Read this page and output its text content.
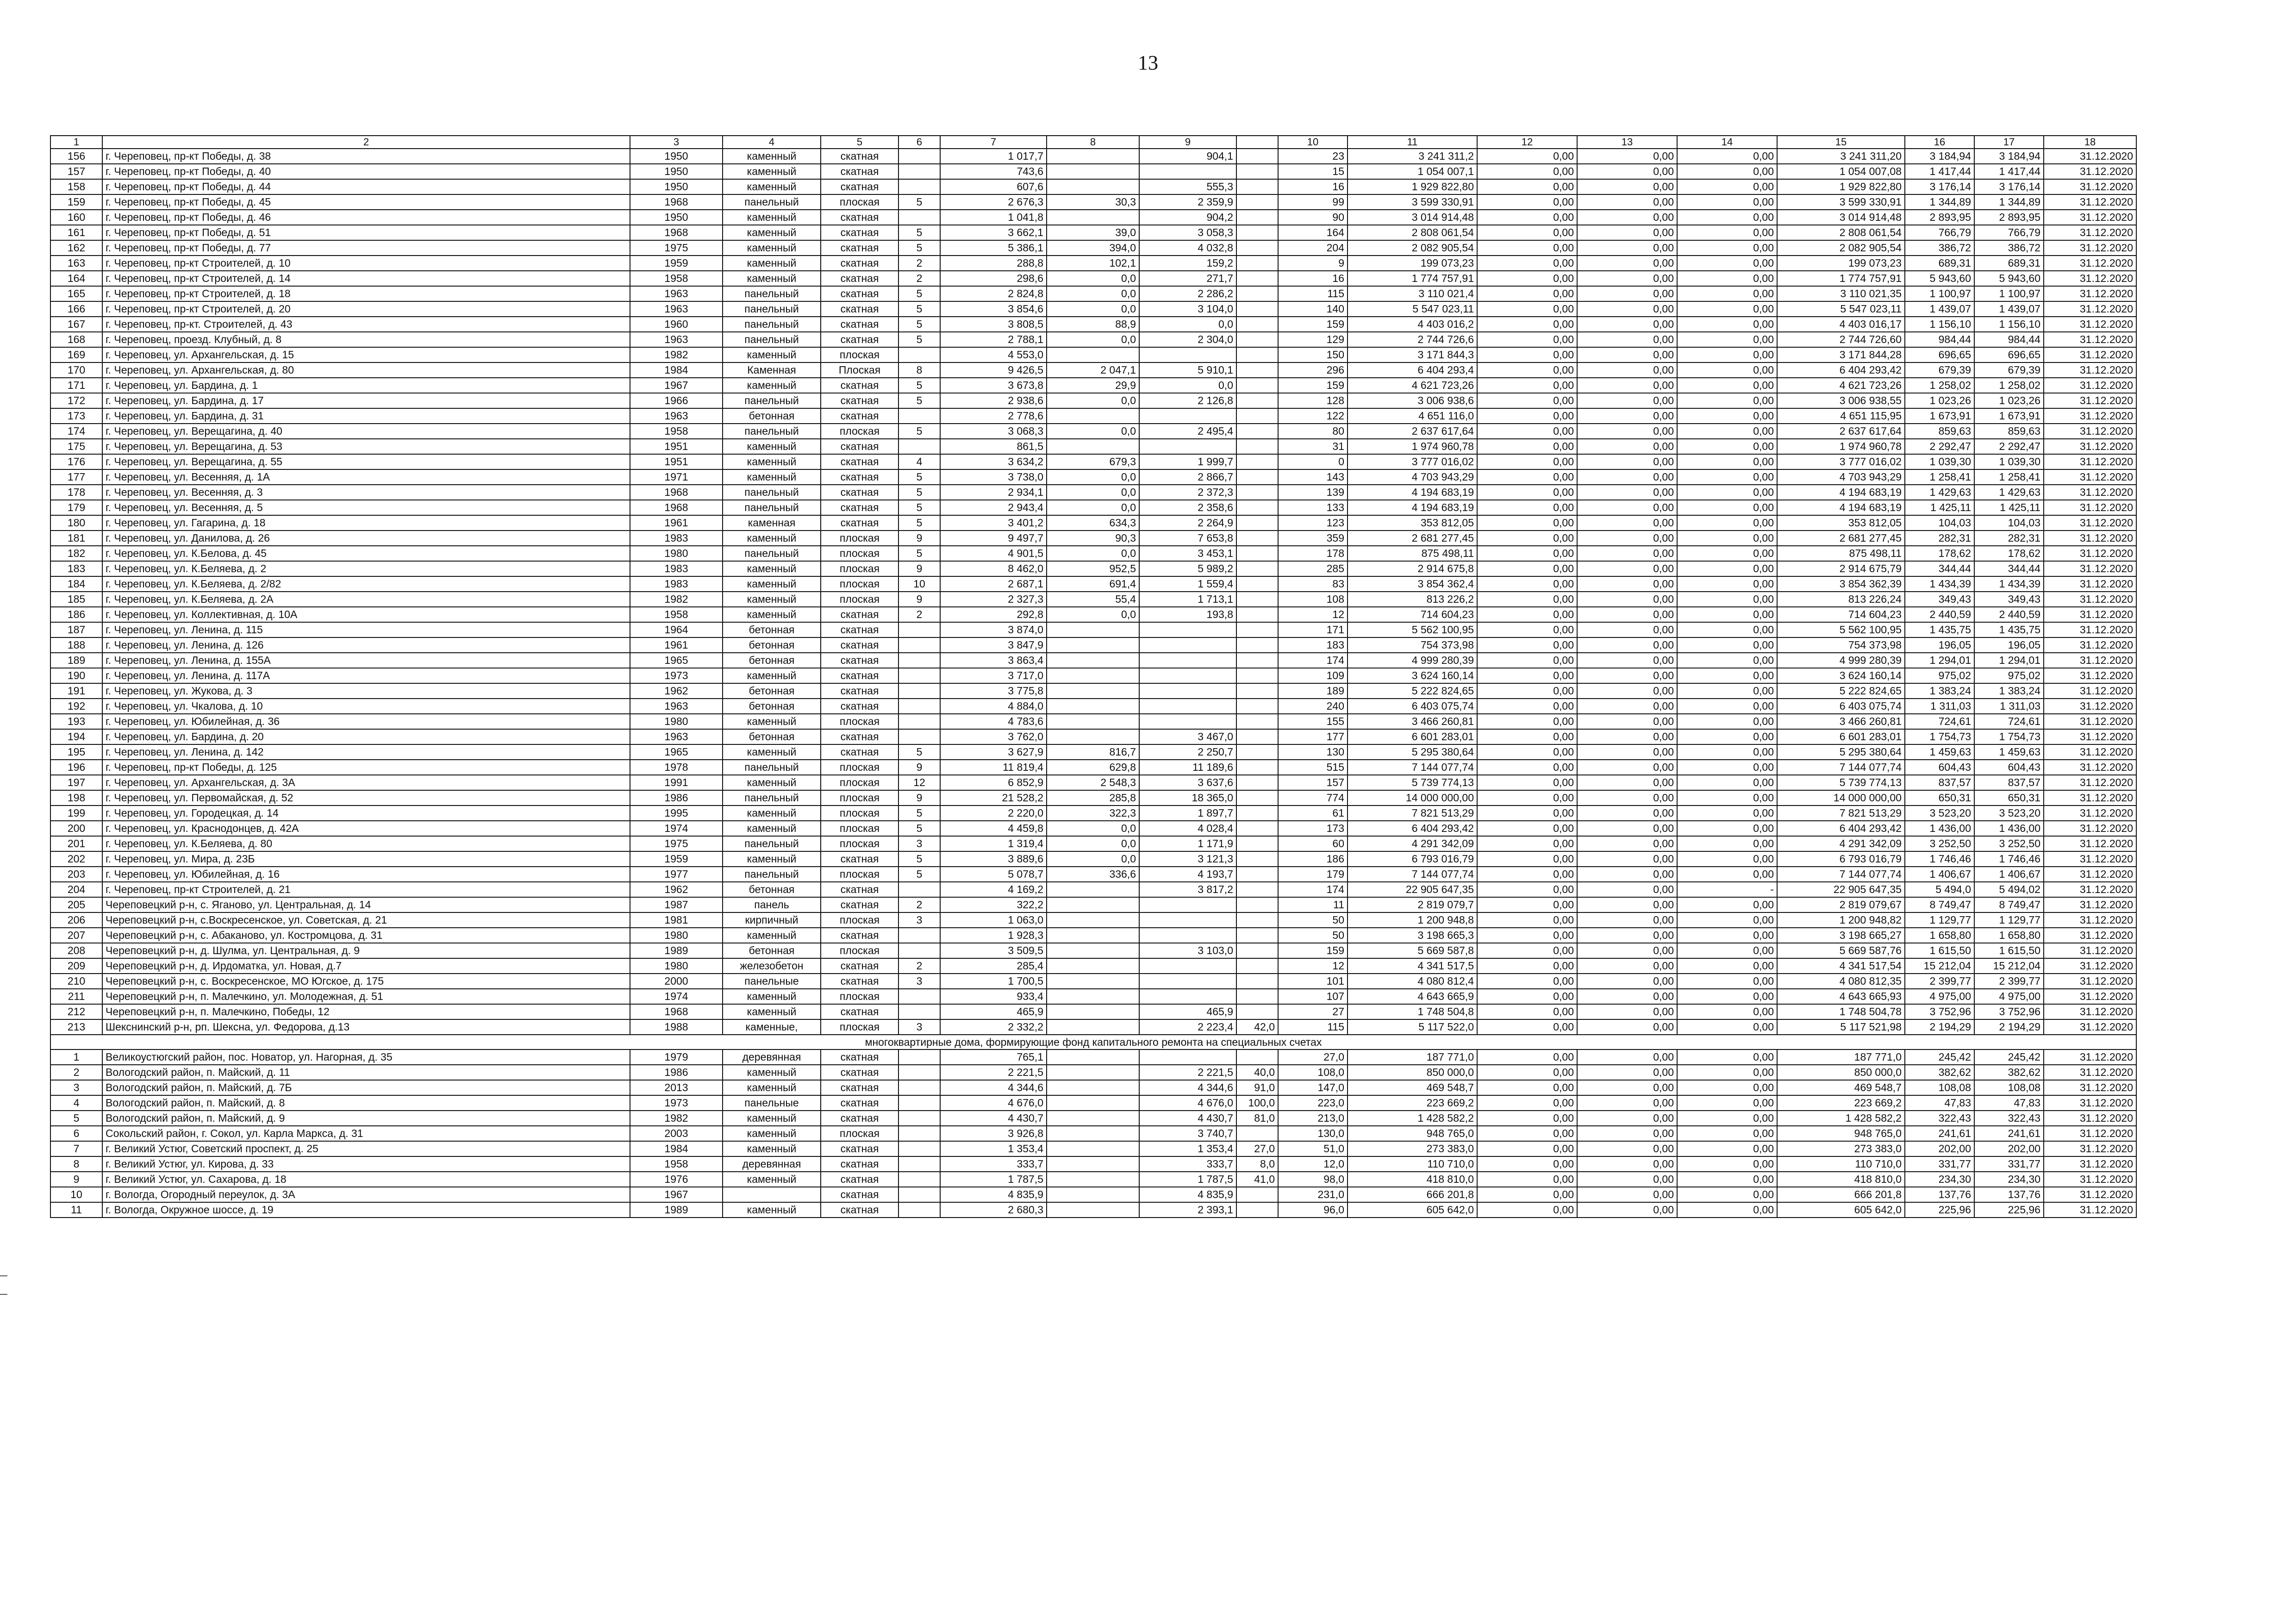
13
1	2	3	4	5	6	7	8	9		10	11	12	13	14	15	16	17	18
156	г. Череповец, пр-кт Победы, д. 38	1950	каменный	скатная		1 017,7		904,1		23	3 241 311,2	0,00	0,00	0,00	3 241 311,20	3 184,94	3 184,94	31.12.2020
157	г. Череповец, пр-кт Победы, д. 40	1950	каменный	скатная		743,6				15	1 054 007,1	0,00	0,00	0,00	1 054 007,08	1 417,44	1 417,44	31.12.2020
158	г. Череповец, пр-кт Победы, д. 44	1950	каменный	скатная		607,6		555,3		16	1 929 822,80	0,00	0,00	0,00	1 929 822,80	3 176,14	3 176,14	31.12.2020
159	г. Череповец, пр-кт Победы, д. 45	1968	панельный	плоская	5	2 676,3	30,3	2 359,9		99	3 599 330,91	0,00	0,00	0,00	3 599 330,91	1 344,89	1 344,89	31.12.2020
160	г. Череповец, пр-кт Победы, д. 46	1950	каменный	скатная		1 041,8		904,2		90	3 014 914,48	0,00	0,00	0,00	3 014 914,48	2 893,95	2 893,95	31.12.2020
161	г. Череповец, пр-кт Победы, д. 51	1968	каменный	скатная	5	3 662,1	39,0	3 058,3		164	2 808 061,54	0,00	0,00	0,00	2 808 061,54	766,79	766,79	31.12.2020
162	г. Череповец, пр-кт Победы, д. 77	1975	каменный	скатная	5	5 386,1	394,0	4 032,8		204	2 082 905,54	0,00	0,00	0,00	2 082 905,54	386,72	386,72	31.12.2020
163	г. Череповец, пр-кт Строителей, д. 10	1959	каменный	скатная	2	288,8	102,1	159,2		9	199 073,23	0,00	0,00	0,00	199 073,23	689,31	689,31	31.12.2020
164	г. Череповец, пр-кт Строителей, д. 14	1958	каменный	скатная	2	298,6	0,0	271,7		16	1 774 757,91	0,00	0,00	0,00	1 774 757,91	5 943,60	5 943,60	31.12.2020
165	г. Череповец, пр-кт Строителей, д. 18	1963	панельный	скатная	5	2 824,8	0,0	2 286,2		115	3 110 021,4	0,00	0,00	0,00	3 110 021,35	1 100,97	1 100,97	31.12.2020
166	г. Череповец, пр-кт Строителей, д. 20	1963	панельный	скатная	5	3 854,6	0,0	3 104,0		140	5 547 023,11	0,00	0,00	0,00	5 547 023,11	1 439,07	1 439,07	31.12.2020
167	г. Череповец, пр-кт. Строителей, д. 43	1960	панельный	скатная	5	3 808,5	88,9	0,0		159	4 403 016,2	0,00	0,00	0,00	4 403 016,17	1 156,10	1 156,10	31.12.2020
168	г. Череповец, проезд. Клубный, д. 8	1963	панельный	скатная	5	2 788,1	0,0	2 304,0		129	2 744 726,6	0,00	0,00	0,00	2 744 726,60	984,44	984,44	31.12.2020
169	г. Череповец, ул. Архангельская, д. 15	1982	каменный	плоская		4 553,0				150	3 171 844,3	0,00	0,00	0,00	3 171 844,28	696,65	696,65	31.12.2020
170	г. Череповец, ул. Архангельская, д. 80	1984	Каменная	Плоская	8	9 426,5	2 047,1	5 910,1		296	6 404 293,4	0,00	0,00	0,00	6 404 293,42	679,39	679,39	31.12.2020
171	г. Череповец, ул. Бардина, д. 1	1967	каменный	скатная	5	3 673,8	29,9	0,0		159	4 621 723,26	0,00	0,00	0,00	4 621 723,26	1 258,02	1 258,02	31.12.2020
172	г. Череповец, ул. Бардина, д. 17	1966	панельный	скатная	5	2 938,6	0,0	2 126,8		128	3 006 938,6	0,00	0,00	0,00	3 006 938,55	1 023,26	1 023,26	31.12.2020
173	г. Череповец, ул. Бардина, д. 31	1963	бетонная	скатная		2 778,6				122	4 651 116,0	0,00	0,00	0,00	4 651 115,95	1 673,91	1 673,91	31.12.2020
174	г. Череповец, ул. Верещагина, д. 40	1958	панельный	плоская	5	3 068,3	0,0	2 495,4		80	2 637 617,64	0,00	0,00	0,00	2 637 617,64	859,63	859,63	31.12.2020
175	г. Череповец, ул. Верещагина, д. 53	1951	каменный	скатная		861,5				31	1 974 960,78	0,00	0,00	0,00	1 974 960,78	2 292,47	2 292,47	31.12.2020
176	г. Череповец, ул. Верещагина, д. 55	1951	каменный	скатная	4	3 634,2	679,3	1 999,7		0	3 777 016,02	0,00	0,00	0,00	3 777 016,02	1 039,30	1 039,30	31.12.2020
177	г. Череповец, ул. Весенняя, д. 1А	1971	каменный	скатная	5	3 738,0	0,0	2 866,7		143	4 703 943,29	0,00	0,00	0,00	4 703 943,29	1 258,41	1 258,41	31.12.2020
178	г. Череповец, ул. Весенняя, д. 3	1968	панельный	скатная	5	2 934,1	0,0	2 372,3		139	4 194 683,19	0,00	0,00	0,00	4 194 683,19	1 429,63	1 429,63	31.12.2020
179	г. Череповец, ул. Весенняя, д. 5	1968	панельный	скатная	5	2 943,4	0,0	2 358,6		133	4 194 683,19	0,00	0,00	0,00	4 194 683,19	1 425,11	1 425,11	31.12.2020
180	г. Череповец, ул. Гагарина, д. 18	1961	каменная	скатная	5	3 401,2	634,3	2 264,9		123	353 812,05	0,00	0,00	0,00	353 812,05	104,03	104,03	31.12.2020
181	г. Череповец, ул. Данилова, д. 26	1983	каменный	плоская	9	9 497,7	90,3	7 653,8		359	2 681 277,45	0,00	0,00	0,00	2 681 277,45	282,31	282,31	31.12.2020
182	г. Череповец, ул. К.Белова, д. 45	1980	панельный	плоская	5	4 901,5	0,0	3 453,1		178	875 498,11	0,00	0,00	0,00	875 498,11	178,62	178,62	31.12.2020
183	г. Череповец, ул. К.Беляева, д. 2	1983	каменный	плоская	9	8 462,0	952,5	5 989,2		285	2 914 675,8	0,00	0,00	0,00	2 914 675,79	344,44	344,44	31.12.2020
184	г. Череповец, ул. К.Беляева, д. 2/82	1983	каменный	плоская	10	2 687,1	691,4	1 559,4		83	3 854 362,4	0,00	0,00	0,00	3 854 362,39	1 434,39	1 434,39	31.12.2020
185	г. Череповец, ул. К.Беляева, д. 2А	1982	каменный	плоская	9	2 327,3	55,4	1 713,1		108	813 226,2	0,00	0,00	0,00	813 226,24	349,43	349,43	31.12.2020
186	г. Череповец, ул. Коллективная, д. 10А	1958	каменный	скатная	2	292,8	0,0	193,8		12	714 604,23	0,00	0,00	0,00	714 604,23	2 440,59	2 440,59	31.12.2020
187	г. Череповец, ул. Ленина, д. 115	1964	бетонная	скатная		3 874,0				171	5 562 100,95	0,00	0,00	0,00	5 562 100,95	1 435,75	1 435,75	31.12.2020
188	г. Череповец, ул. Ленина, д. 126	1961	бетонная	скатная		3 847,9				183	754 373,98	0,00	0,00	0,00	754 373,98	196,05	196,05	31.12.2020
189	г. Череповец, ул. Ленина, д. 155А	1965	бетонная	скатная		3 863,4				174	4 999 280,39	0,00	0,00	0,00	4 999 280,39	1 294,01	1 294,01	31.12.2020
190	г. Череповец, ул. Ленина, д. 117А	1973	каменный	скатная		3 717,0				109	3 624 160,14	0,00	0,00	0,00	3 624 160,14	975,02	975,02	31.12.2020
191	г. Череповец, ул. Жукова, д. 3	1962	бетонная	скатная		3 775,8				189	5 222 824,65	0,00	0,00	0,00	5 222 824,65	1 383,24	1 383,24	31.12.2020
192	г. Череповец, ул. Чкалова, д. 10	1963	бетонная	скатная		4 884,0				240	6 403 075,74	0,00	0,00	0,00	6 403 075,74	1 311,03	1 311,03	31.12.2020
193	г. Череповец, ул. Юбилейная, д. 36	1980	каменный	плоская		4 783,6				155	3 466 260,81	0,00	0,00	0,00	3 466 260,81	724,61	724,61	31.12.2020
194	г. Череповец, ул. Бардина, д. 20	1963	бетонная	скатная		3 762,0		3 467,0		177	6 601 283,01	0,00	0,00	0,00	6 601 283,01	1 754,73	1 754,73	31.12.2020
195	г. Череповец, ул. Ленина, д. 142	1965	каменный	скатная	5	3 627,9	816,7	2 250,7		130	5 295 380,64	0,00	0,00	0,00	5 295 380,64	1 459,63	1 459,63	31.12.2020
196	г. Череповец, пр-кт Победы, д. 125	1978	панельный	плоская	9	11 819,4	629,8	11 189,6		515	7 144 077,74	0,00	0,00	0,00	7 144 077,74	604,43	604,43	31.12.2020
197	г. Череповец, ул. Архангельская, д. 3А	1991	каменный	плоская	12	6 852,9	2 548,3	3 637,6		157	5 739 774,13	0,00	0,00	0,00	5 739 774,13	837,57	837,57	31.12.2020
198	г. Череповец, ул. Первомайская, д. 52	1986	панельный	плоская	9	21 528,2	285,8	18 365,0		774	14 000 000,00	0,00	0,00	0,00	14 000 000,00	650,31	650,31	31.12.2020
199	г. Череповец, ул. Городецкая, д. 14	1995	каменный	плоская	5	2 220,0	322,3	1 897,7		61	7 821 513,29	0,00	0,00	0,00	7 821 513,29	3 523,20	3 523,20	31.12.2020
200	г. Череповец, ул. Краснодонцев, д. 42А	1974	каменный	плоская	5	4 459,8	0,0	4 028,4		173	6 404 293,42	0,00	0,00	0,00	6 404 293,42	1 436,00	1 436,00	31.12.2020
201	г. Череповец, ул. К.Беляева, д. 80	1975	панельный	плоская	3	1 319,4	0,0	1 171,9		60	4 291 342,09	0,00	0,00	0,00	4 291 342,09	3 252,50	3 252,50	31.12.2020
202	г. Череповец, ул. Мира, д. 23Б	1959	каменный	скатная	5	3 889,6	0,0	3 121,3		186	6 793 016,79	0,00	0,00	0,00	6 793 016,79	1 746,46	1 746,46	31.12.2020
203	г. Череповец, ул. Юбилейная, д. 16	1977	панельный	плоская	5	5 078,7	336,6	4 193,7		179	7 144 077,74	0,00	0,00	0,00	7 144 077,74	1 406,67	1 406,67	31.12.2020
204	г. Череповец, пр-кт Строителей, д. 21	1962	бетонная	скатная		4 169,2		3 817,2		174	22 905 647,35	0,00	0,00	-	22 905 647,35	5 494,0	5 494,02	31.12.2020
205	Череповецкий р-н, с. Яганово, ул. Центральная, д. 14	1987	панель	скатная	2	322,2				11	2 819 079,7	0,00	0,00	0,00	2 819 079,67	8 749,47	8 749,47	31.12.2020
206	Череповецкий р-н, с.Воскресенское, ул. Советская, д. 21	1981	кирпичный	плоская	3	1 063,0				50	1 200 948,8	0,00	0,00	0,00	1 200 948,82	1 129,77	1 129,77	31.12.2020
207	Череповецкий р-н, с. Абаканово, ул. Костромцова, д. 31	1980	каменный	скатная		1 928,3				50	3 198 665,3	0,00	0,00	0,00	3 198 665,27	1 658,80	1 658,80	31.12.2020
208	Череповецкий р-н, д. Шулма, ул. Центральная, д. 9	1989	бетонная	плоская		3 509,5		3 103,0		159	5 669 587,8	0,00	0,00	0,00	5 669 587,76	1 615,50	1 615,50	31.12.2020
209	Череповецкий р-н, д. Ирдоматка, ул. Новая, д.7	1980	железобетон	скатная	2	285,4				12	4 341 517,5	0,00	0,00	0,00	4 341 517,54	15 212,04	15 212,04	31.12.2020
210	Череповецкий р-н, с. Воскресенское, МО Югское, д. 175	2000	панельные	скатная	3	1 700,5				101	4 080 812,4	0,00	0,00	0,00	4 080 812,35	2 399,77	2 399,77	31.12.2020
211	Череповецкий р-н, п. Малечкино, ул. Молодежная, д. 51	1974	каменный	плоская		933,4				107	4 643 665,9	0,00	0,00	0,00	4 643 665,93	4 975,00	4 975,00	31.12.2020
212	Череповецкий р-н, п. Малечкино, Победы, 12	1968	каменный	скатная		465,9		465,9		27	1 748 504,8	0,00	0,00	0,00	1 748 504,78	3 752,96	3 752,96	31.12.2020
213	Шекснинский р-н, рп. Шексна, ул. Федорова, д.13	1988	каменные,	плоская	3	2 332,2		2 223,4	42,0	115	5 117 522,0	0,00	0,00	0,00	5 117 521,98	2 194,29	2 194,29	31.12.2020
многоквартирные дома, формирующие фонд капитального ремонта на специальных счетах																		
1	Великоустюгский район, пос. Новатор, ул. Нагорная, д. 35	1979	деревянная	скатная		765,1				27,0	187 771,0	0,00	0,00	0,00	187 771,0	245,42	245,42	31.12.2020
2	Вологодский район, п. Майский, д. 11	1986	каменный	скатная		2 221,5		2 221,5	40,0	108,0	850 000,0	0,00	0,00	0,00	850 000,0	382,62	382,62	31.12.2020
3	Вологодский район, п. Майский, д. 7Б	2013	каменный	скатная		4 344,6		4 344,6	91,0	147,0	469 548,7	0,00	0,00	0,00	469 548,7	108,08	108,08	31.12.2020
4	Вологодский район, п. Майский, д. 8	1973	панельные	скатная		4 676,0		4 676,0	100,0	223,0	223 669,2	0,00	0,00	0,00	223 669,2	47,83	47,83	31.12.2020
5	Вологодский район, п. Майский, д. 9	1982	каменный	скатная		4 430,7		4 430,7	81,0	213,0	1 428 582,2	0,00	0,00	0,00	1 428 582,2	322,43	322,43	31.12.2020
6	Сокольский район, г. Сокол, ул. Карла Маркса, д. 31	2003	каменный	плоская		3 926,8		3 740,7		130,0	948 765,0	0,00	0,00	0,00	948 765,0	241,61	241,61	31.12.2020
7	г. Великий Устюг, Советский проспект, д. 25	1984	каменный	скатная		1 353,4		1 353,4	27,0	51,0	273 383,0	0,00	0,00	0,00	273 383,0	202,00	202,00	31.12.2020
8	г. Великий Устюг, ул. Кирова, д. 33	1958	деревянная	скатная		333,7		333,7	8,0	12,0	110 710,0	0,00	0,00	0,00	110 710,0	331,77	331,77	31.12.2020
9	г. Великий Устюг, ул. Сахарова, д. 18	1976	каменный	скатная		1 787,5		1 787,5	41,0	98,0	418 810,0	0,00	0,00	0,00	418 810,0	234,30	234,30	31.12.2020
10	г. Вологда, Огородный переулок, д. 3А	1967		скатная		4 835,9		4 835,9		231,0	666 201,8	0,00	0,00	0,00	666 201,8	137,76	137,76	31.12.2020
11	г. Вологда, Окружное шоссе, д. 19	1989	каменный	скатная		2 680,3		2 393,1		96,0	605 642,0	0,00	0,00	0,00	605 642,0	225,96	225,96	31.12.2020
